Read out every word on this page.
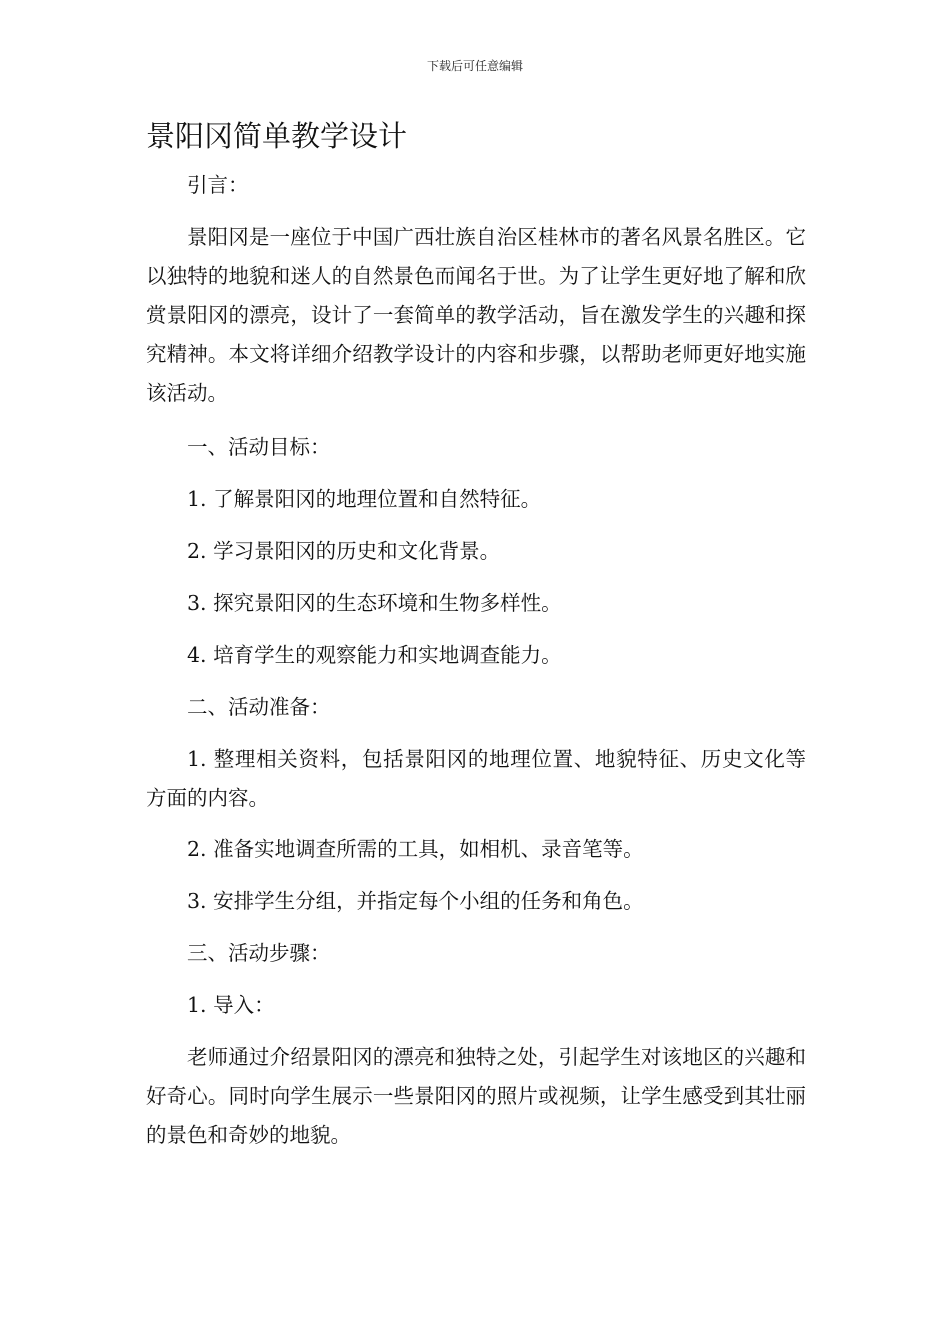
下载后可任意编辑
景阳冈简单教学设计

引言：

景阳冈是一座位于中国广西壮族自治区桂林市的著名风景名胜区。它以独特的地貌和迷人的自然景色而闻名于世。为了让学生更好地了解和欣赏景阳冈的漂亮，设计了一套简单的教学活动，旨在激发学生的兴趣和探究精神。本文将详细介绍教学设计的内容和步骤，以帮助老师更好地实施该活动。

一、活动目标：

1. 了解景阳冈的地理位置和自然特征。

2. 学习景阳冈的历史和文化背景。

3. 探究景阳冈的生态环境和生物多样性。

4. 培育学生的观察能力和实地调查能力。

二、活动准备：

1. 整理相关资料，包括景阳冈的地理位置、地貌特征、历史文化等方面的内容。

2. 准备实地调查所需的工具，如相机、录音笔等。

3. 安排学生分组，并指定每个小组的任务和角色。

三、活动步骤：

1. 导入：

老师通过介绍景阳冈的漂亮和独特之处，引起学生对该地区的兴趣和好奇心。同时向学生展示一些景阳冈的照片或视频，让学生感受到其壮丽的景色和奇妙的地貌。
